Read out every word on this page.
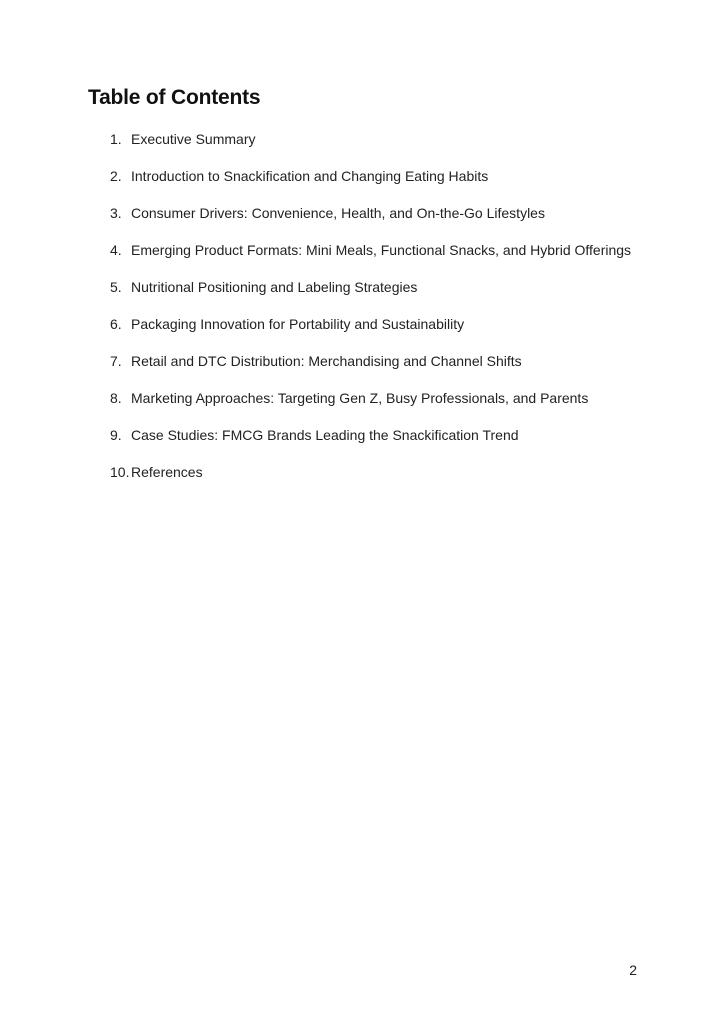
Table of Contents
1. Executive Summary
2. Introduction to Snackification and Changing Eating Habits
3. Consumer Drivers: Convenience, Health, and On-the-Go Lifestyles
4. Emerging Product Formats: Mini Meals, Functional Snacks, and Hybrid Offerings
5. Nutritional Positioning and Labeling Strategies
6. Packaging Innovation for Portability and Sustainability
7. Retail and DTC Distribution: Merchandising and Channel Shifts
8. Marketing Approaches: Targeting Gen Z, Busy Professionals, and Parents
9. Case Studies: FMCG Brands Leading the Snackification Trend
10. References
2
